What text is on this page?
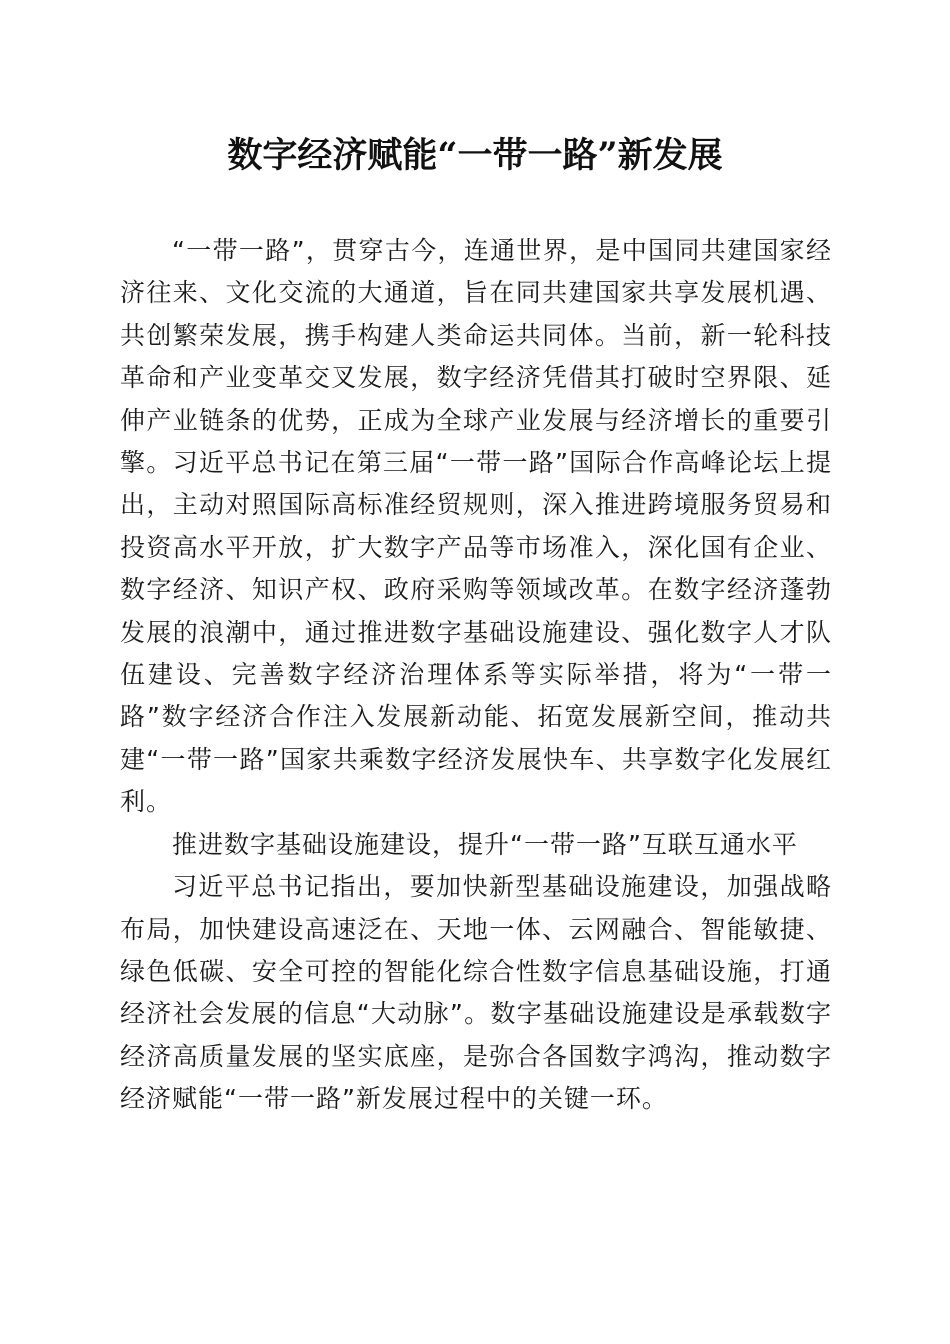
数字经济赋能“一带一路”新发展

“一带一路”，贯穿古今，连通世界，是中国同共建国家经济往来、文化交流的大通道，旨在同共建国家共享发展机遇、共创繁荣发展，携手构建人类命运共同体。当前，新一轮科技革命和产业变革交叉发展，数字经济凭借其打破时空界限、延伸产业链条的优势，正成为全球产业发展与经济增长的重要引擎。习近平总书记在第三届“一带一路”国际合作高峰论坛上提出，主动对照国际高标准经贸规则，深入推进跨境服务贸易和投资高水平开放，扩大数字产品等市场准入，深化国有企业、数字经济、知识产权、政府采购等领域改革。在数字经济蓬勃发展的浪潮中，通过推进数字基础设施建设、强化数字人才队伍建设、完善数字经济治理体系等实际举措，将为“一带一路”数字经济合作注入发展新动能、拓宽发展新空间，推动共建“一带一路”国家共乘数字经济发展快车、共享数字化发展红利。

推进数字基础设施建设，提升“一带一路”互联互通水平

习近平总书记指出，要加快新型基础设施建设，加强战略布局，加快建设高速泛在、天地一体、云网融合、智能敏捷、绿色低碳、安全可控的智能化综合性数字信息基础设施，打通经济社会发展的信息“大动脉”。数字基础设施建设是承载数字经济高质量发展的坚实底座，是弥合各国数字鸿沟，推动数字经济赋能“一带一路”新发展过程中的关键一环。
